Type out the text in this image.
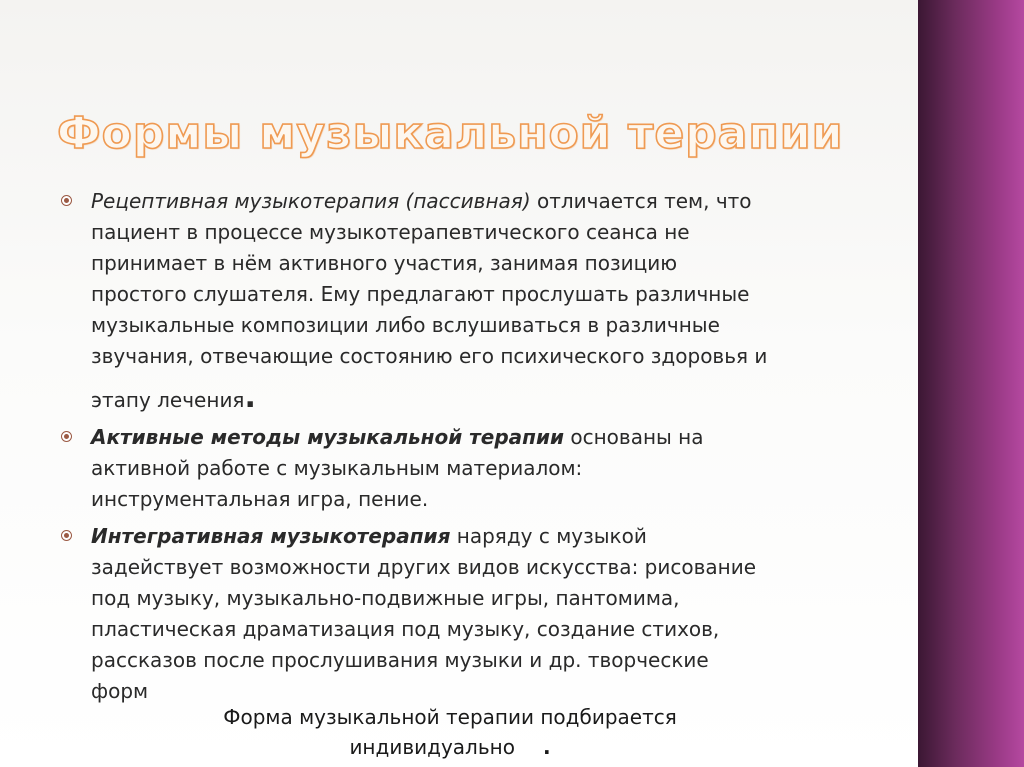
Формы музыкальной терапии

Рецептивная музыкотерапия (пассивная) отличается тем, что
пациент в процессе музыкотерапевтического сеанса не
принимает в нём активного участия, занимая позицию
простого слушателя. Ему предлагают прослушать различные
музыкальные композиции либо вслушиваться в различные
звучания, отвечающие состоянию его психического здоровья и
этапу лечения.

Активные методы музыкальной терапии основаны на
активной работе с музыкальным материалом:
инструментальная игра, пение.

Интегративная музыкотерапия наряду с музыкой
задействует возможности других видов искусства: рисование
под музыку, музыкально-подвижные игры, пантомима,
пластическая драматизация под музыку, создание стихов,
рассказов после прослушивания музыки и др. творческие
форм

Форма музыкальной терапии подбирается
индивидуально .
